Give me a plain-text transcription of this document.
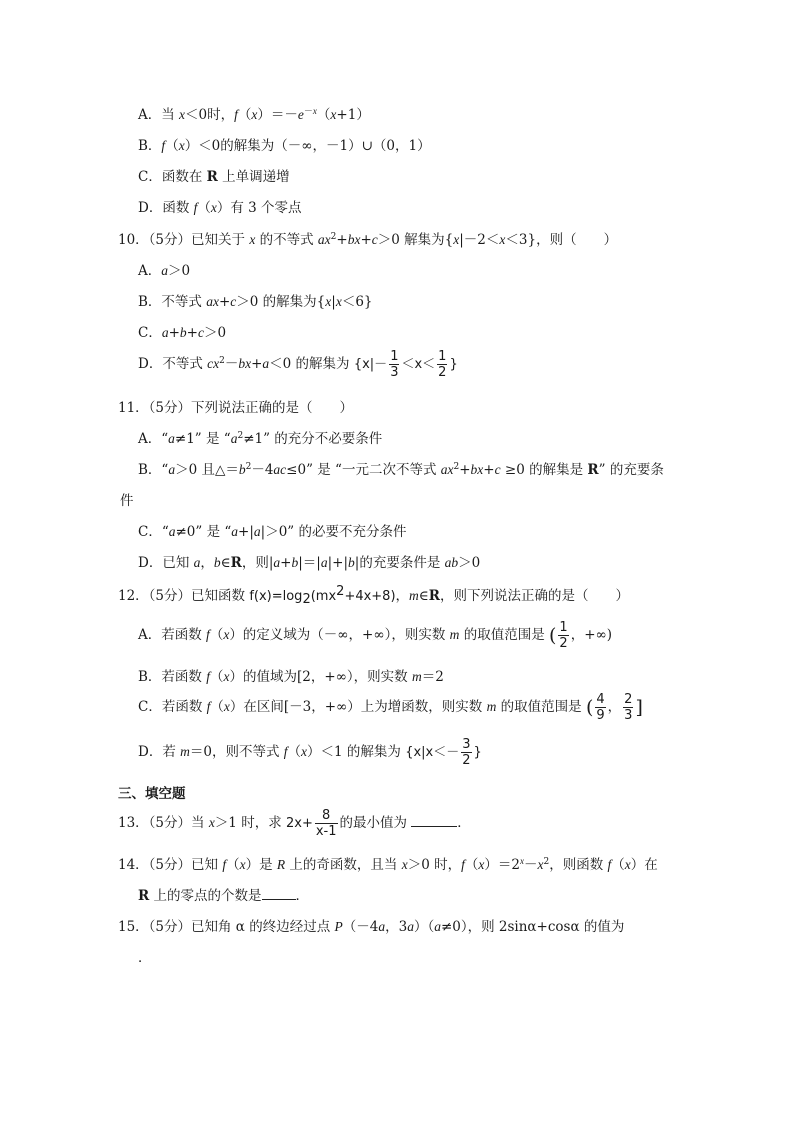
A．当 x＜0时，$f(x)=-e^{-x}(x+1)$
B．f（x）＜0的解集为（－∞，－1）∪（0，1）
C．函数在 R 上单调递增
D．函数 f（x）有 3 个零点
10．（5分）已知关于 x 的不等式 $ax^2+bx+c>0$ 解集为{x|－2＜x＜3}，则（　　）
A．a＞0
B．不等式 ax+c＞0 的解集为{x|x＜6}
C．a+b+c＞0
D．不等式 $cx^2-bx+a<0$ 的解集为 {$x|- \frac{1}{3} <x< \frac{1}{2}$ }
11．（5分）下列说法正确的是（　　）
A．“a≠1” 是 “$a^2\ne 1$” 的充分不必要条件
B．“a＞0 且$\triangle=b^2-4ac\le 0$” 是 “一元二次不等式 $ax^2+bx+c \ge 0$ 的解集是 R” 的充要条
件
C．“a≠0” 是 “a+|a|＞0” 的必要不充分条件
D．已知 a，b∈R，则|a+b|＝|a|+|b|的充要条件是 ab＞0
12．（5分）已知函数 $f(x)=\log_2(mx^2+4x+8)$，m∈R，则下列说法正确的是（　　）
A．若函数 f（x）的定义域为（－∞，+∞），则实数 m 的取值范围是 ( $\frac{1}{2}$ ，+∞)
B．若函数 f（x）的值域为[2，+∞），则实数 m＝2
C．若函数 f（x）在区间[－3，+∞）上为增函数，则实数 m 的取值范围是 ( $\frac{4}{9}$ ， $\frac{2}{3}$ ]
D．若 m＝0，则不等式 f（x）＜1 的解集为 {$x|x<- \frac{3}{2}$ }
三、填空题
13．（5分）当 x＞1 时，求 $2x+ \frac{8}{x-1}$ 的最小值为	．
14．（5分）已知 f（x）是 R 上的奇函数，且当 x＞0 时，$f(x)=2^x-x^2$，则函数 f（x）在
R 上的零点的个数是	．
15．（5分）已知角 α 的终边经过点 P（－4a，3a）（a≠0），则 2sinα+cosα 的值为
．
